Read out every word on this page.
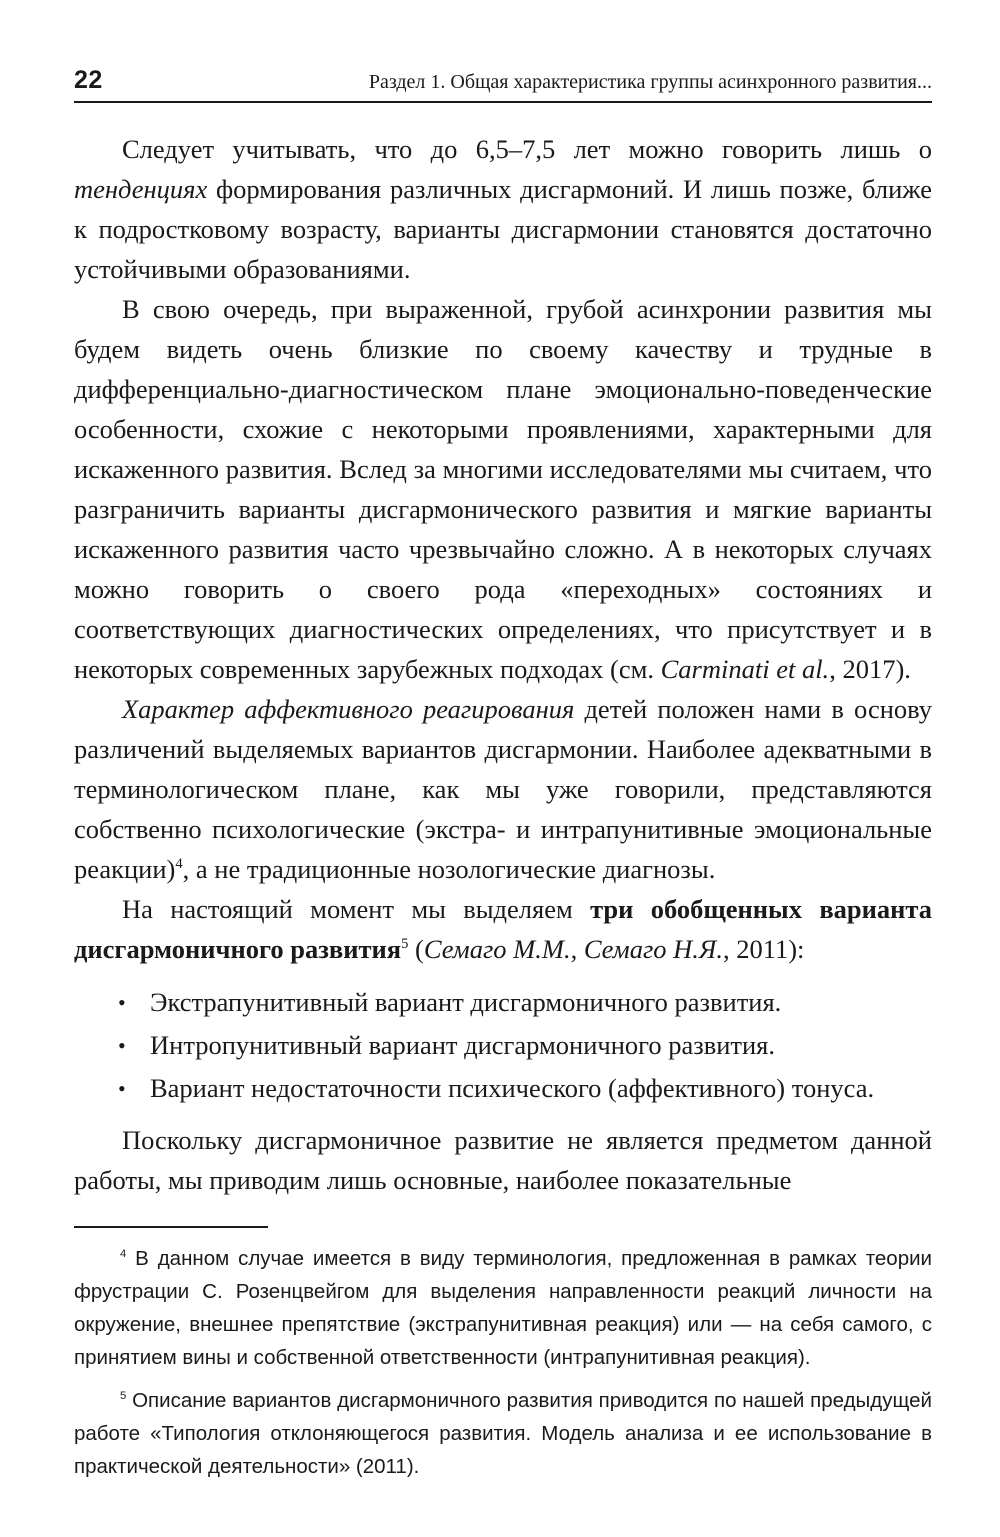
22	Раздел 1. Общая характеристика группы асинхронного развития...

Следует учитывать, что до 6,5–7,5 лет можно говорить лишь о тенденциях формирования различных дисгармоний. И лишь позже, ближе к подростковому возрасту, варианты дисгармонии становятся достаточно устойчивыми образованиями.

В свою очередь, при выраженной, грубой асинхронии развития мы будем видеть очень близкие по своему качеству и трудные в дифференциально-диагностическом плане эмоционально-поведенческие особенности, схожие с некоторыми проявлениями, характерными для искаженного развития. Вслед за многими исследователями мы считаем, что разграничить варианты дисгармонического развития и мягкие варианты искаженного развития часто чрезвычайно сложно. А в некоторых случаях можно говорить о своего рода «переходных» состояниях и соответствующих диагностических определениях, что присутствует и в некоторых современных зарубежных подходах (см. Carminati et al., 2017).

Характер аффективного реагирования детей положен нами в основу различений выделяемых вариантов дисгармонии. Наиболее адекватными в терминологическом плане, как мы уже говорили, представляются собственно психологические (экстра- и интрапунитивные эмоциональные реакции)$^4$, а не традиционные нозологические диагнозы.

На настоящий момент мы выделяем три обобщенных варианта дисгармоничного развития$^5$ (Семаго М.М., Семаго Н.Я., 2011):

• Экстрапунитивный вариант дисгармоничного развития.
• Интропунитивный вариант дисгармоничного развития.
• Вариант недостаточности психического (аффективного) тонуса.

Поскольку дисгармоничное развитие не является предметом данной работы, мы приводим лишь основные, наиболее показательные

$^4$ В данном случае имеется в виду терминология, предложенная в рамках теории фрустрации С. Розенцвейгом для выделения направленности реакций личности на окружение, внешнее препятствие (экстрапунитивная реакция) или — на себя самого, с принятием вины и собственной ответственности (интрапунитивная реакция).

$^5$ Описание вариантов дисгармоничного развития приводится по нашей предыдущей работе «Типология отклоняющегося развития. Модель анализа и ее использование в практической деятельности» (2011).
